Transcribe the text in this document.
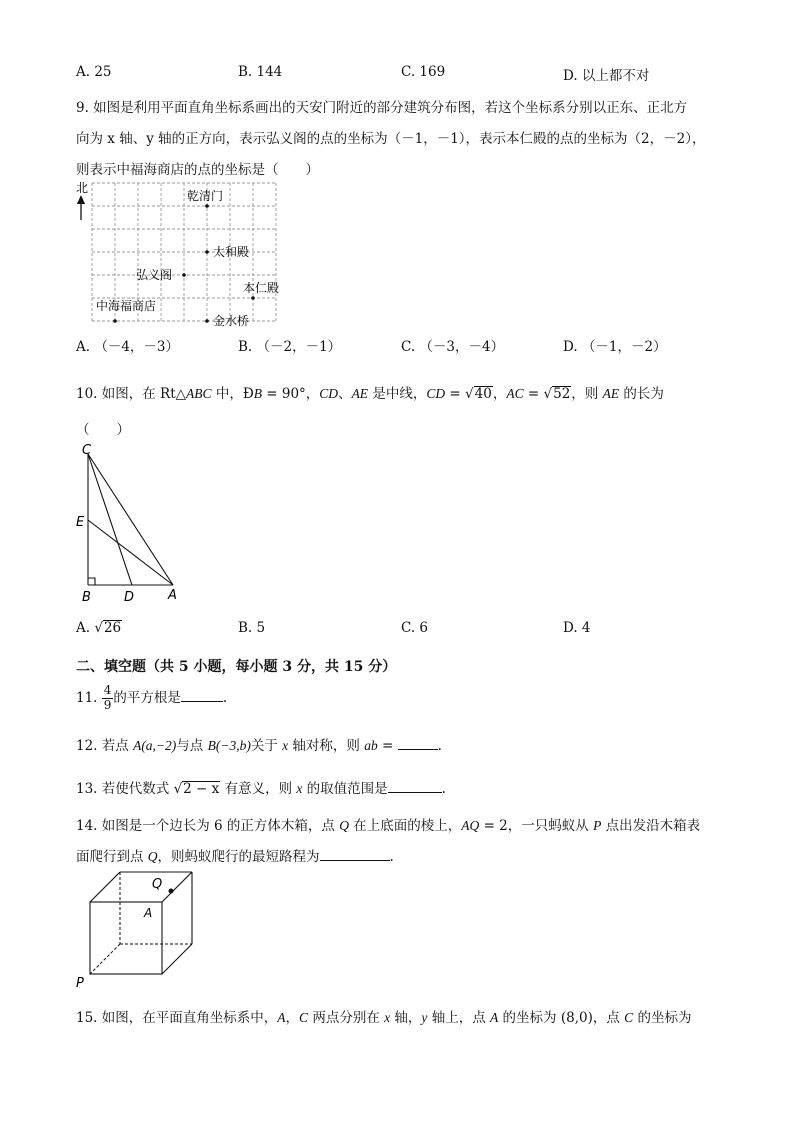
A. 25	B. 144	C. 169	D. 以上都不对
9. 如图是利用平面直角坐标系画出的天安门附近的部分建筑分布图，若这个坐标系分别以正东、正北方
向为 x 轴、y 轴的正方向，表示弘义阁的点的坐标为（－1，－1），表示本仁殿的点的坐标为（2，－2），
则表示中福海商店的点的坐标是（　　）
北
乾清门
太和殿
弘义阁
本仁殿
中海福商店
金水桥
A. （－4，－3）	B. （－2，－1）	C. （－3，－4）	D. （－1，－2）
10. 如图，在 Rt△ABC 中，ÐB = 90°，CD、AE 是中线，CD = √40，AC = √52，则 AE 的长为
（　　）
C
E
B	D	A
A. √26	B. 5	C. 6	D. 4
二、填空题（共 5 小题，每小题 3 分，共 15 分）
11. $\frac{4}{9}$ 的平方根是	.
12. 若点 A(a,−2)与点 B(−3,b)关于 x 轴对称，则 ab =	.
13. 若使代数式 √2 − x 有意义，则 x 的取值范围是	.
14. 如图是一个边长为 6 的正方体木箱，点 Q 在上底面的棱上，AQ = 2，一只蚂蚁从 P 点出发沿木箱表
面爬行到点 Q，则蚂蚁爬行的最短路程为	.
Q
A
P
15. 如图，在平面直角坐标系中，A，C 两点分别在 x 轴，y 轴上，点 A 的坐标为 (8,0)，点 C 的坐标为
